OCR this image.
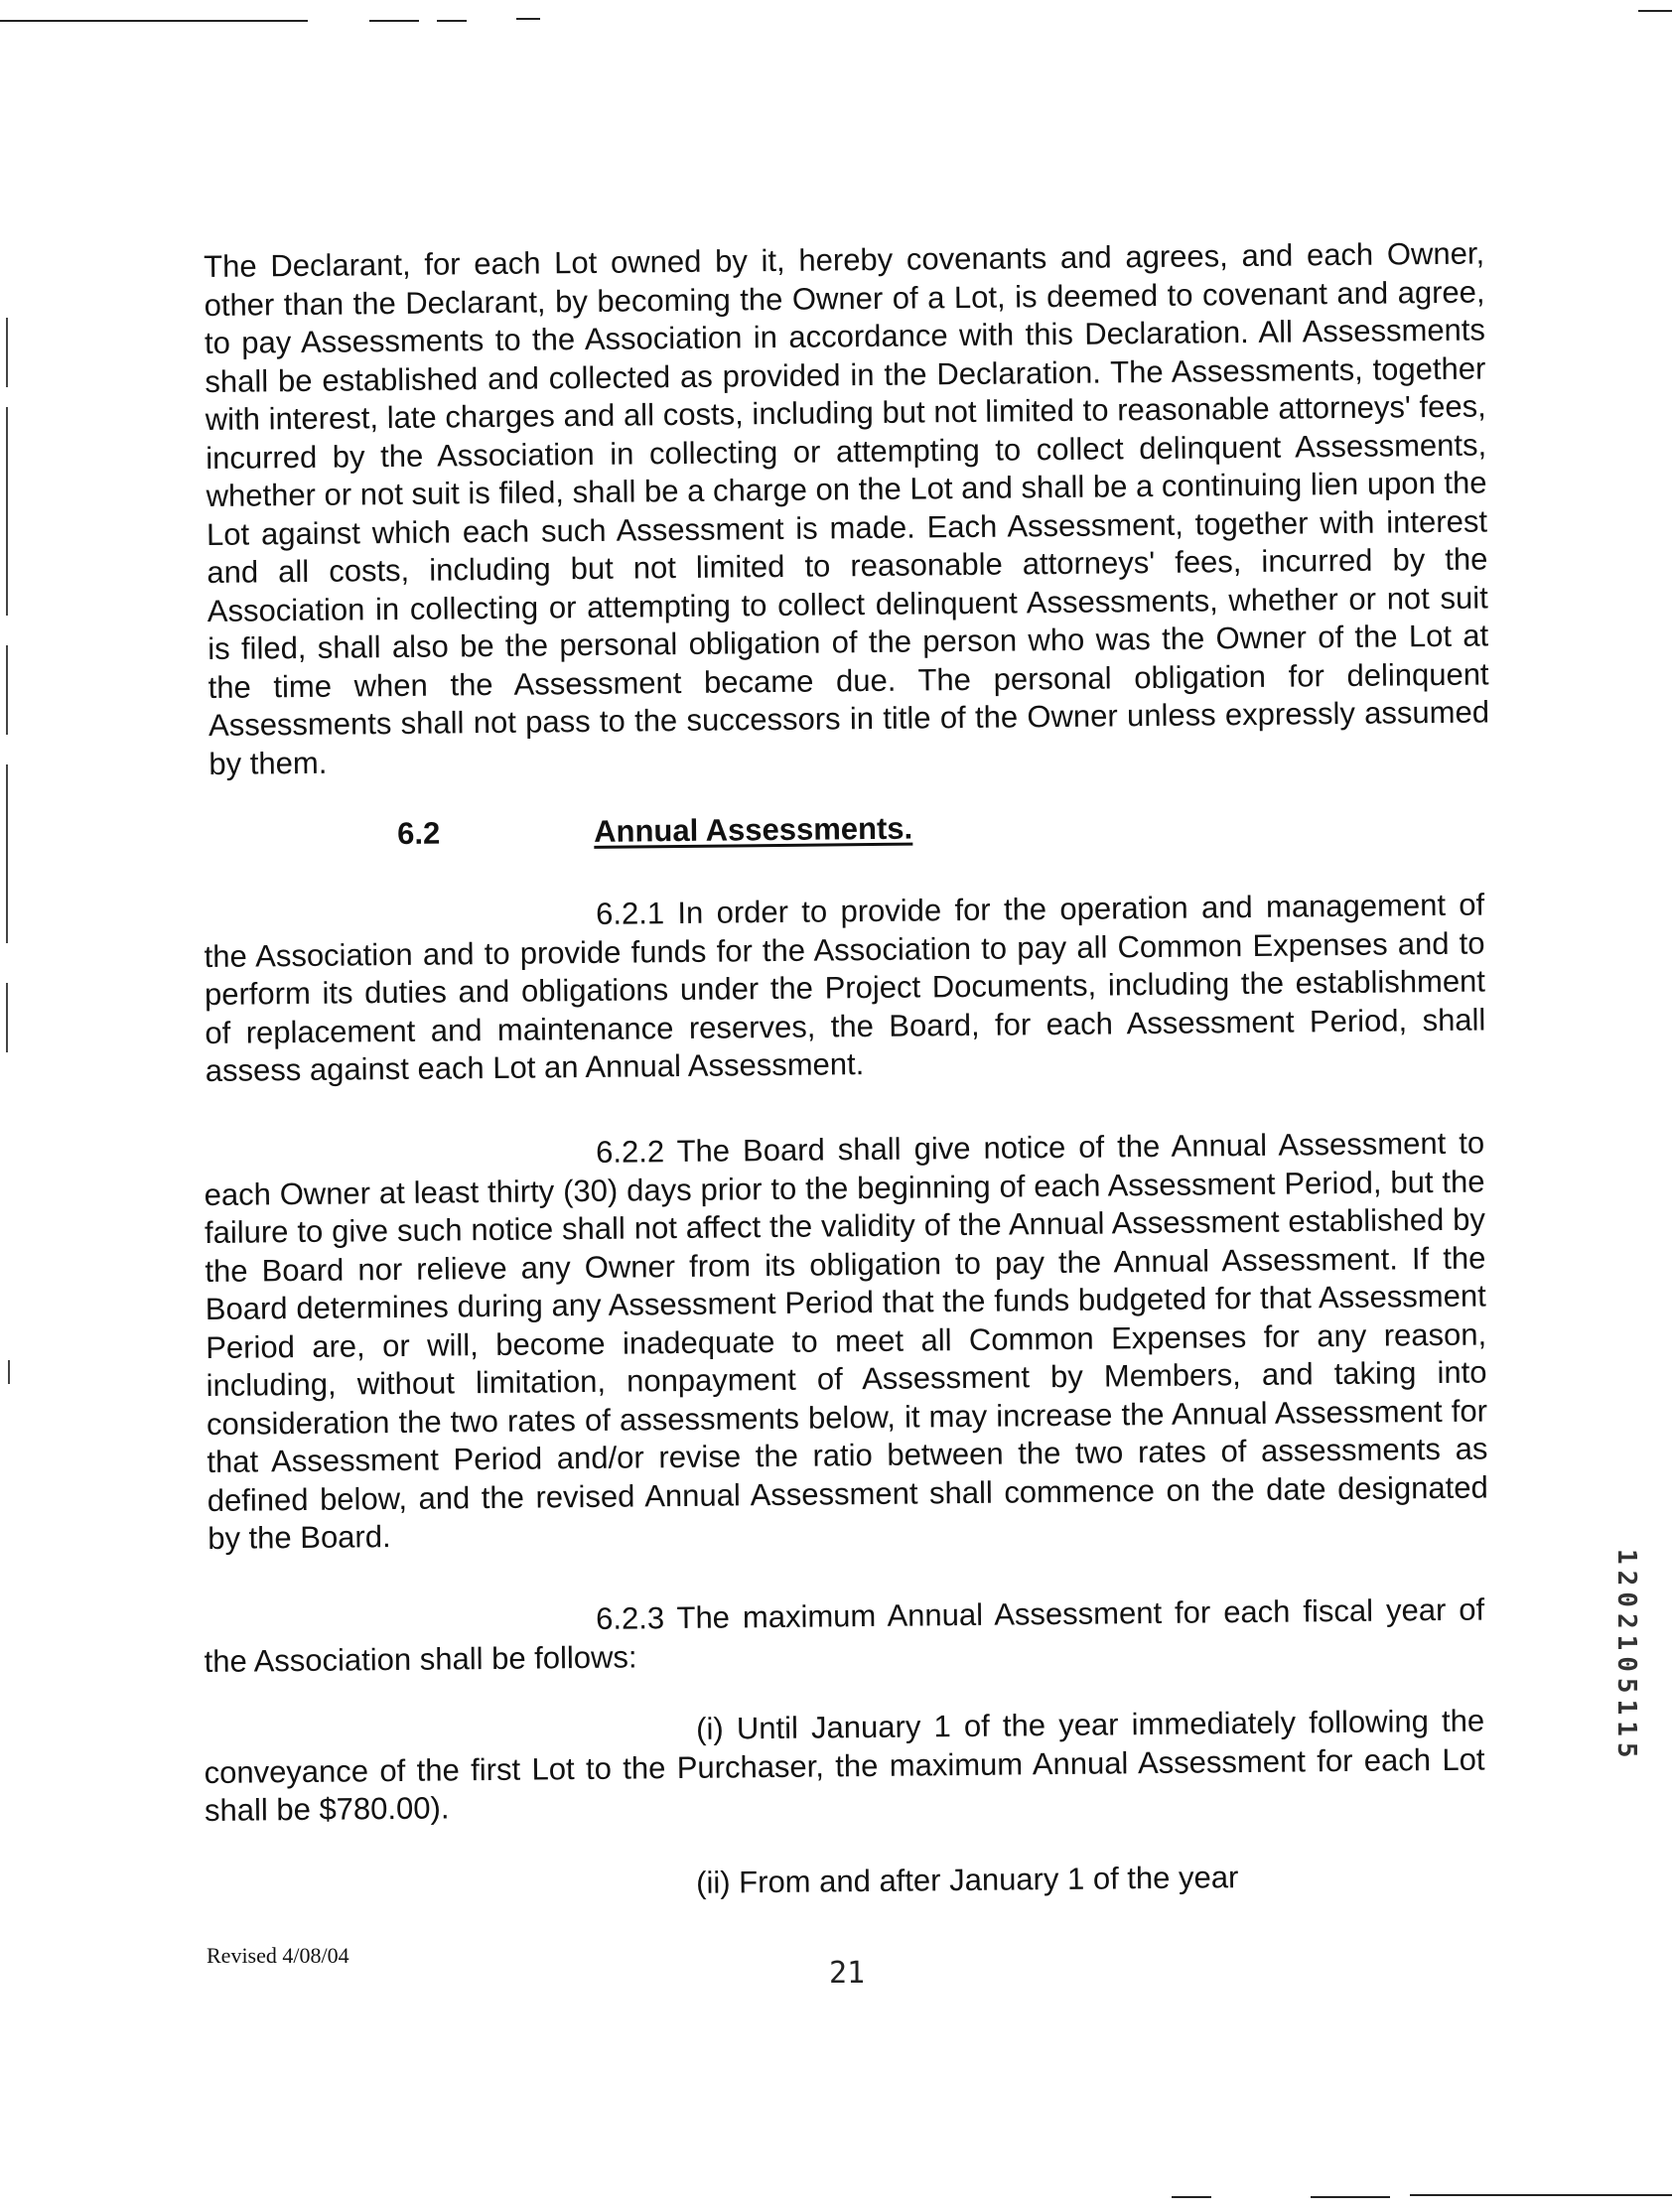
The Declarant, for each Lot owned by it, hereby covenants and agrees, and each Owner, other than the Declarant, by becoming the Owner of a Lot, is deemed to covenant and agree, to pay Assessments to the Association in accordance with this Declaration. All Assessments shall be established and collected as provided in the Declaration. The Assessments, together with interest, late charges and all costs, including but not limited to reasonable attorneys' fees, incurred by the Association in collecting or attempting to collect delinquent Assessments, whether or not suit is filed, shall be a charge on the Lot and shall be a continuing lien upon the Lot against which each such Assessment is made. Each Assessment, together with interest and all costs, including but not limited to reasonable attorneys' fees, incurred by the Association in collecting or attempting to collect delinquent Assessments, whether or not suit is filed, shall also be the personal obligation of the person who was the Owner of the Lot at the time when the Assessment became due. The personal obligation for delinquent Assessments shall not pass to the successors in title of the Owner unless expressly assumed by them.

6.2	Annual Assessments.

6.2.1 In order to provide for the operation and management of the Association and to provide funds for the Association to pay all Common Expenses and to perform its duties and obligations under the Project Documents, including the establishment of replacement and maintenance reserves, the Board, for each Assessment Period, shall assess against each Lot an Annual Assessment.

6.2.2 The Board shall give notice of the Annual Assessment to each Owner at least thirty (30) days prior to the beginning of each Assessment Period, but the failure to give such notice shall not affect the validity of the Annual Assessment established by the Board nor relieve any Owner from its obligation to pay the Annual Assessment. If the Board determines during any Assessment Period that the funds budgeted for that Assessment Period are, or will, become inadequate to meet all Common Expenses for any reason, including, without limitation, nonpayment of Assessment by Members, and taking into consideration the two rates of assessments below, it may increase the Annual Assessment for that Assessment Period and/or revise the ratio between the two rates of assessments as defined below, and the revised Annual Assessment shall commence on the date designated by the Board.

6.2.3 The maximum Annual Assessment for each fiscal year of the Association shall be follows:

(i) Until January 1 of the year immediately following the conveyance of the first Lot to the Purchaser, the maximum Annual Assessment for each Lot shall be $780.00).

(ii) From and after January 1 of the year

Revised 4/08/04
21
1202105115
